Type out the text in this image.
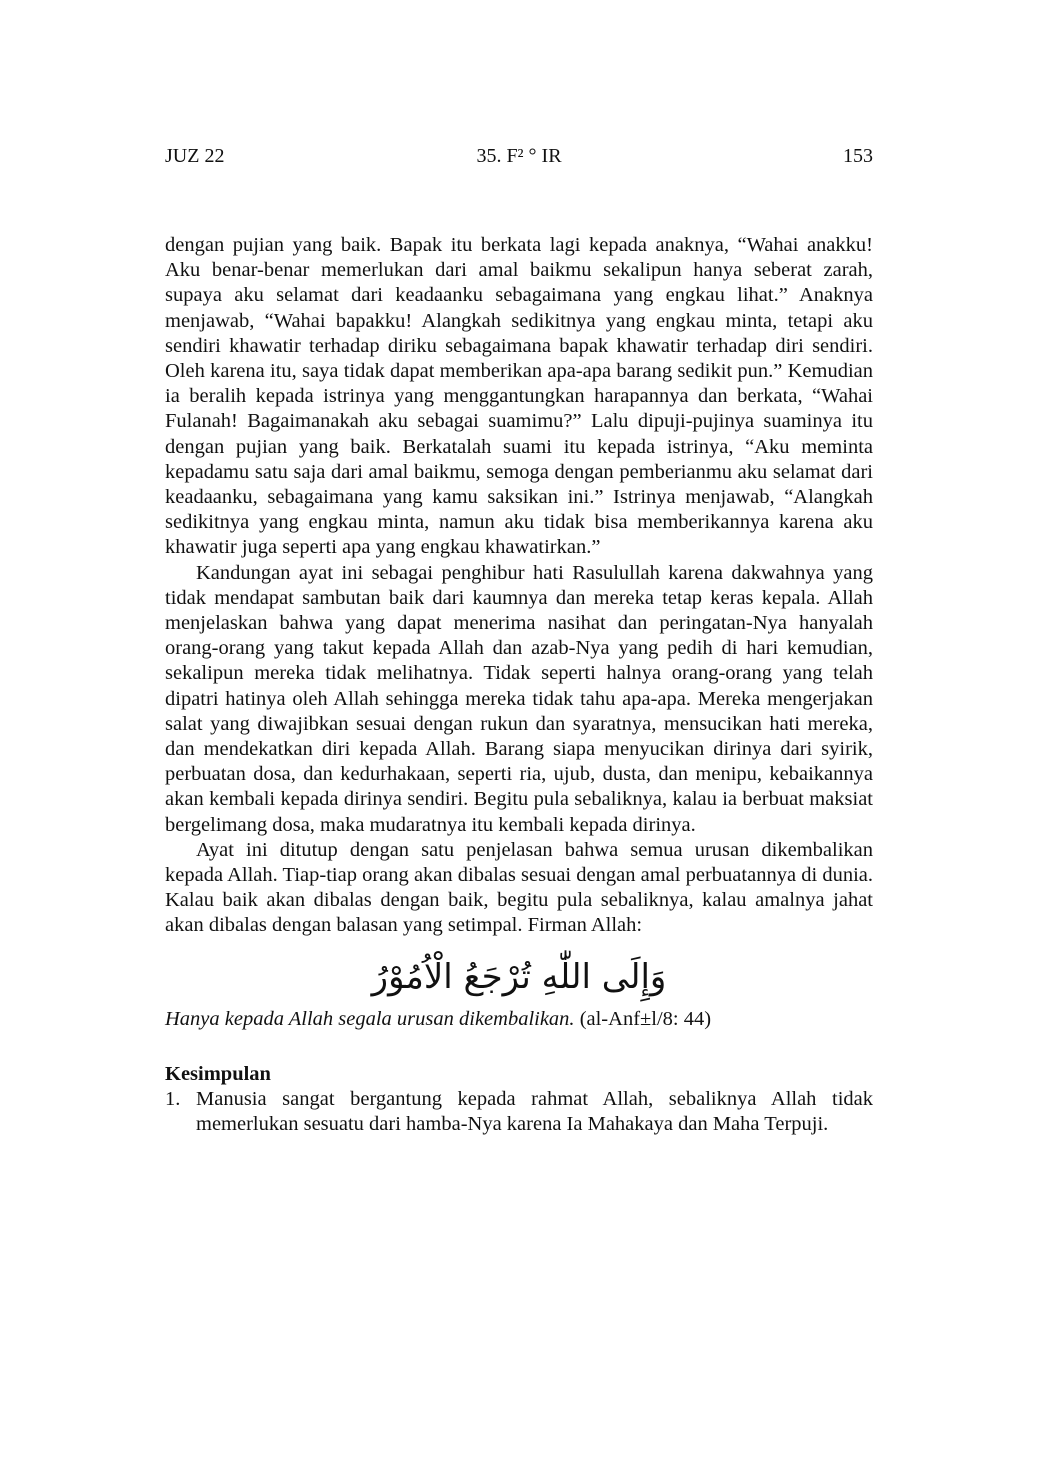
JUZ 22	35. F² ° IR	153

dengan pujian yang baik. Bapak itu berkata lagi kepada anaknya, “Wahai anakku! Aku benar-benar memerlukan dari amal baikmu sekalipun hanya seberat zarah, supaya aku selamat dari keadaanku sebagaimana yang engkau lihat.” Anaknya menjawab, “Wahai bapakku! Alangkah sedikitnya yang engkau minta, tetapi aku sendiri khawatir terhadap diriku sebagaimana bapak khawatir terhadap diri sendiri. Oleh karena itu, saya tidak dapat memberikan apa-apa barang sedikit pun.” Kemudian ia beralih kepada istrinya yang menggantungkan harapannya dan berkata, “Wahai Fulanah! Bagaimanakah aku sebagai suamimu?” Lalu dipuji-pujinya suaminya itu dengan pujian yang baik. Berkatalah suami itu kepada istrinya, “Aku meminta kepadamu satu saja dari amal baikmu, semoga dengan pemberianmu aku selamat dari keadaanku, sebagaimana yang kamu saksikan ini.” Istrinya menjawab, “Alangkah sedikitnya yang engkau minta, namun aku tidak bisa memberikannya karena aku khawatir juga seperti apa yang engkau khawatirkan.”

Kandungan ayat ini sebagai penghibur hati Rasulullah karena dakwahnya yang tidak mendapat sambutan baik dari kaumnya dan mereka tetap keras kepala. Allah menjelaskan bahwa yang dapat menerima nasihat dan peringatan-Nya hanyalah orang-orang yang takut kepada Allah dan azab-Nya yang pedih di hari kemudian, sekalipun mereka tidak melihatnya. Tidak seperti halnya orang-orang yang telah dipatri hatinya oleh Allah sehingga mereka tidak tahu apa-apa. Mereka mengerjakan salat yang diwajibkan sesuai dengan rukun dan syaratnya, mensucikan hati mereka, dan mendekatkan diri kepada Allah. Barang siapa menyucikan dirinya dari syirik, perbuatan dosa, dan kedurhakaan, seperti ria, ujub, dusta, dan menipu, kebaikannya akan kembali kepada dirinya sendiri. Begitu pula sebaliknya, kalau ia berbuat maksiat bergelimang dosa, maka mudaratnya itu kembali kepada dirinya.

Ayat ini ditutup dengan satu penjelasan bahwa semua urusan dikembalikan kepada Allah. Tiap-tiap orang akan dibalas sesuai dengan amal perbuatannya di dunia. Kalau baik akan dibalas dengan baik, begitu pula sebaliknya, kalau amalnya jahat akan dibalas dengan balasan yang setimpal. Firman Allah:

وَإِلَى اللّٰهِ تُرْجَعُ الْاُمُوْرُ

Hanya kepada Allah segala urusan dikembalikan. (al-Anf±l/8: 44)

Kesimpulan
1. Manusia sangat bergantung kepada rahmat Allah, sebaliknya Allah tidak memerlukan sesuatu dari hamba-Nya karena Ia Mahakaya dan Maha Terpuji.
